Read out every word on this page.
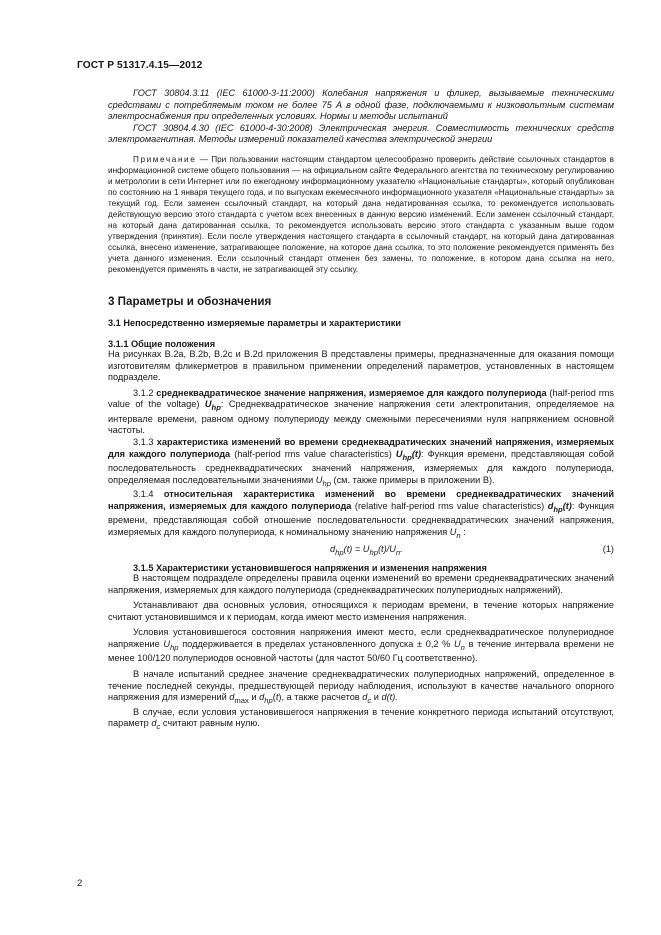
ГОСТ Р 51317.4.15—2012

ГОСТ 30804.3.11 (IEC 61000-3-11:2000) Колебания напряжения и фликер, вызываемые техническими средствами с потребляемым током не более 75 А в одной фазе, подключаемыми к низковольтным системам электроснабжения при определенных условиях. Нормы и методы испытаний

ГОСТ 30804.4.30 (IEC 61000-4-30:2008) Электрическая энергия. Совместимость технических средств электромагнитная. Методы измерений показателей качества электрической энергии

Примечание — При пользовании настоящим стандартом целесообразно проверить действие ссылочных стандартов в информационной системе общего пользования — на официальном сайте Федерального агентства по техническому регулированию и метрологии в сети Интернет или по ежегодному информационному указателю «Национальные стандарты», который опубликован по состоянию на 1 января текущего года, и по выпускам ежемесячного информационного указателя «Национальные стандарты» за текущий год. Если заменен ссылочный стандарт, на который дана недатированная ссылка, то рекомендуется использовать действующую версию этого стандарта с учетом всех внесенных в данную версию изменений. Если заменен ссылочный стандарт, на который дана датированная ссылка, то рекомендуется использовать версию этого стандарта с указанным выше годом утверждения (принятия). Если после утверждения настоящего стандарта в ссылочный стандарт, на который дана датированная ссылка, внесено изменение, затрагивающее положение, на которое дана ссылка, то это положение рекомендуется применять без учета данного изменения. Если ссылочный стандарт отменен без замены, то положение, в котором дана ссылка на него, рекомендуется применять в части, не затрагивающей эту ссылку.

3 Параметры и обозначения

3.1 Непосредственно измеряемые параметры и характеристики

3.1.1 Общие положения

На рисунках В.2а, В.2b, В.2с и В.2d приложения В представлены примеры, предназначенные для оказания помощи изготовителям фликерметров в правильном применении определений параметров, установленных в настоящем подразделе.

3.1.2 среднеквадратическое значение напряжения, измеряемое для каждого полупериода (half-period rms value of the voltage) $U_{hp}$: Среднеквадратическое значение напряжения сети электропитания, определяемое на интервале времени, равном одному полупериоду между смежными пересечениями нуля напряжением основной частоты.

3.1.3 характеристика изменений во времени среднеквадратических значений напряжения, измеряемых для каждого полупериода (half-period rms value characteristics) $U_{hp}(t)$: Функция времени, представляющая собой последовательность среднеквадратических значений напряжения, измеряемых для каждого полупериода, определяемая последовательными значениями $U_{hp}$ (см. также примеры в приложении В).

3.1.4 относительная характеристика изменений во времени среднеквадратических значений напряжения, измеряемых для каждого полупериода (relative half-period rms value characteristics) $d_{hp}(t)$: Функция времени, представляющая собой отношение последовательности среднеквадратических значений напряжения, измеряемых для каждого полупериода, к номинальному значению напряжения $U_n$ :

$d_{hp}(t) = U_{hp}(t)/U_n$.	(1)

3.1.5 Характеристики установившегося напряжения и изменения напряжения

В настоящем подразделе определены правила оценки изменений во времени среднеквадратических значений напряжения, измеряемых для каждого полупериода (среднеквадратических полупериодных напряжений).

Устанавливают два основных условия, относящихся к периодам времени, в течение которых напряжение считают установившимся и к периодам, когда имеют место изменения напряжения.

Условия установившегося состояния напряжения имеют место, если среднеквадратическое полупериодное напряжение $U_{hp}$ поддерживается в пределах установленного допуска ± 0,2 % $U_n$ в течение интервала времени не менее 100/120 полупериодов основной частоты (для частот 50/60 Гц соответственно).

В начале испытаний среднее значение среднеквадратических полупериодных напряжений, определенное в течение последней секунды, предшествующей периоду наблюдения, используют в качестве начального опорного напряжения для измерений $d_{max}$ и $d_{hp}(t)$, а также расчетов $d_c$ и d(t).

В случае, если условия установившегося напряжения в течение конкретного периода испытаний отсутствуют, параметр $d_c$ считают равным нулю.

2
